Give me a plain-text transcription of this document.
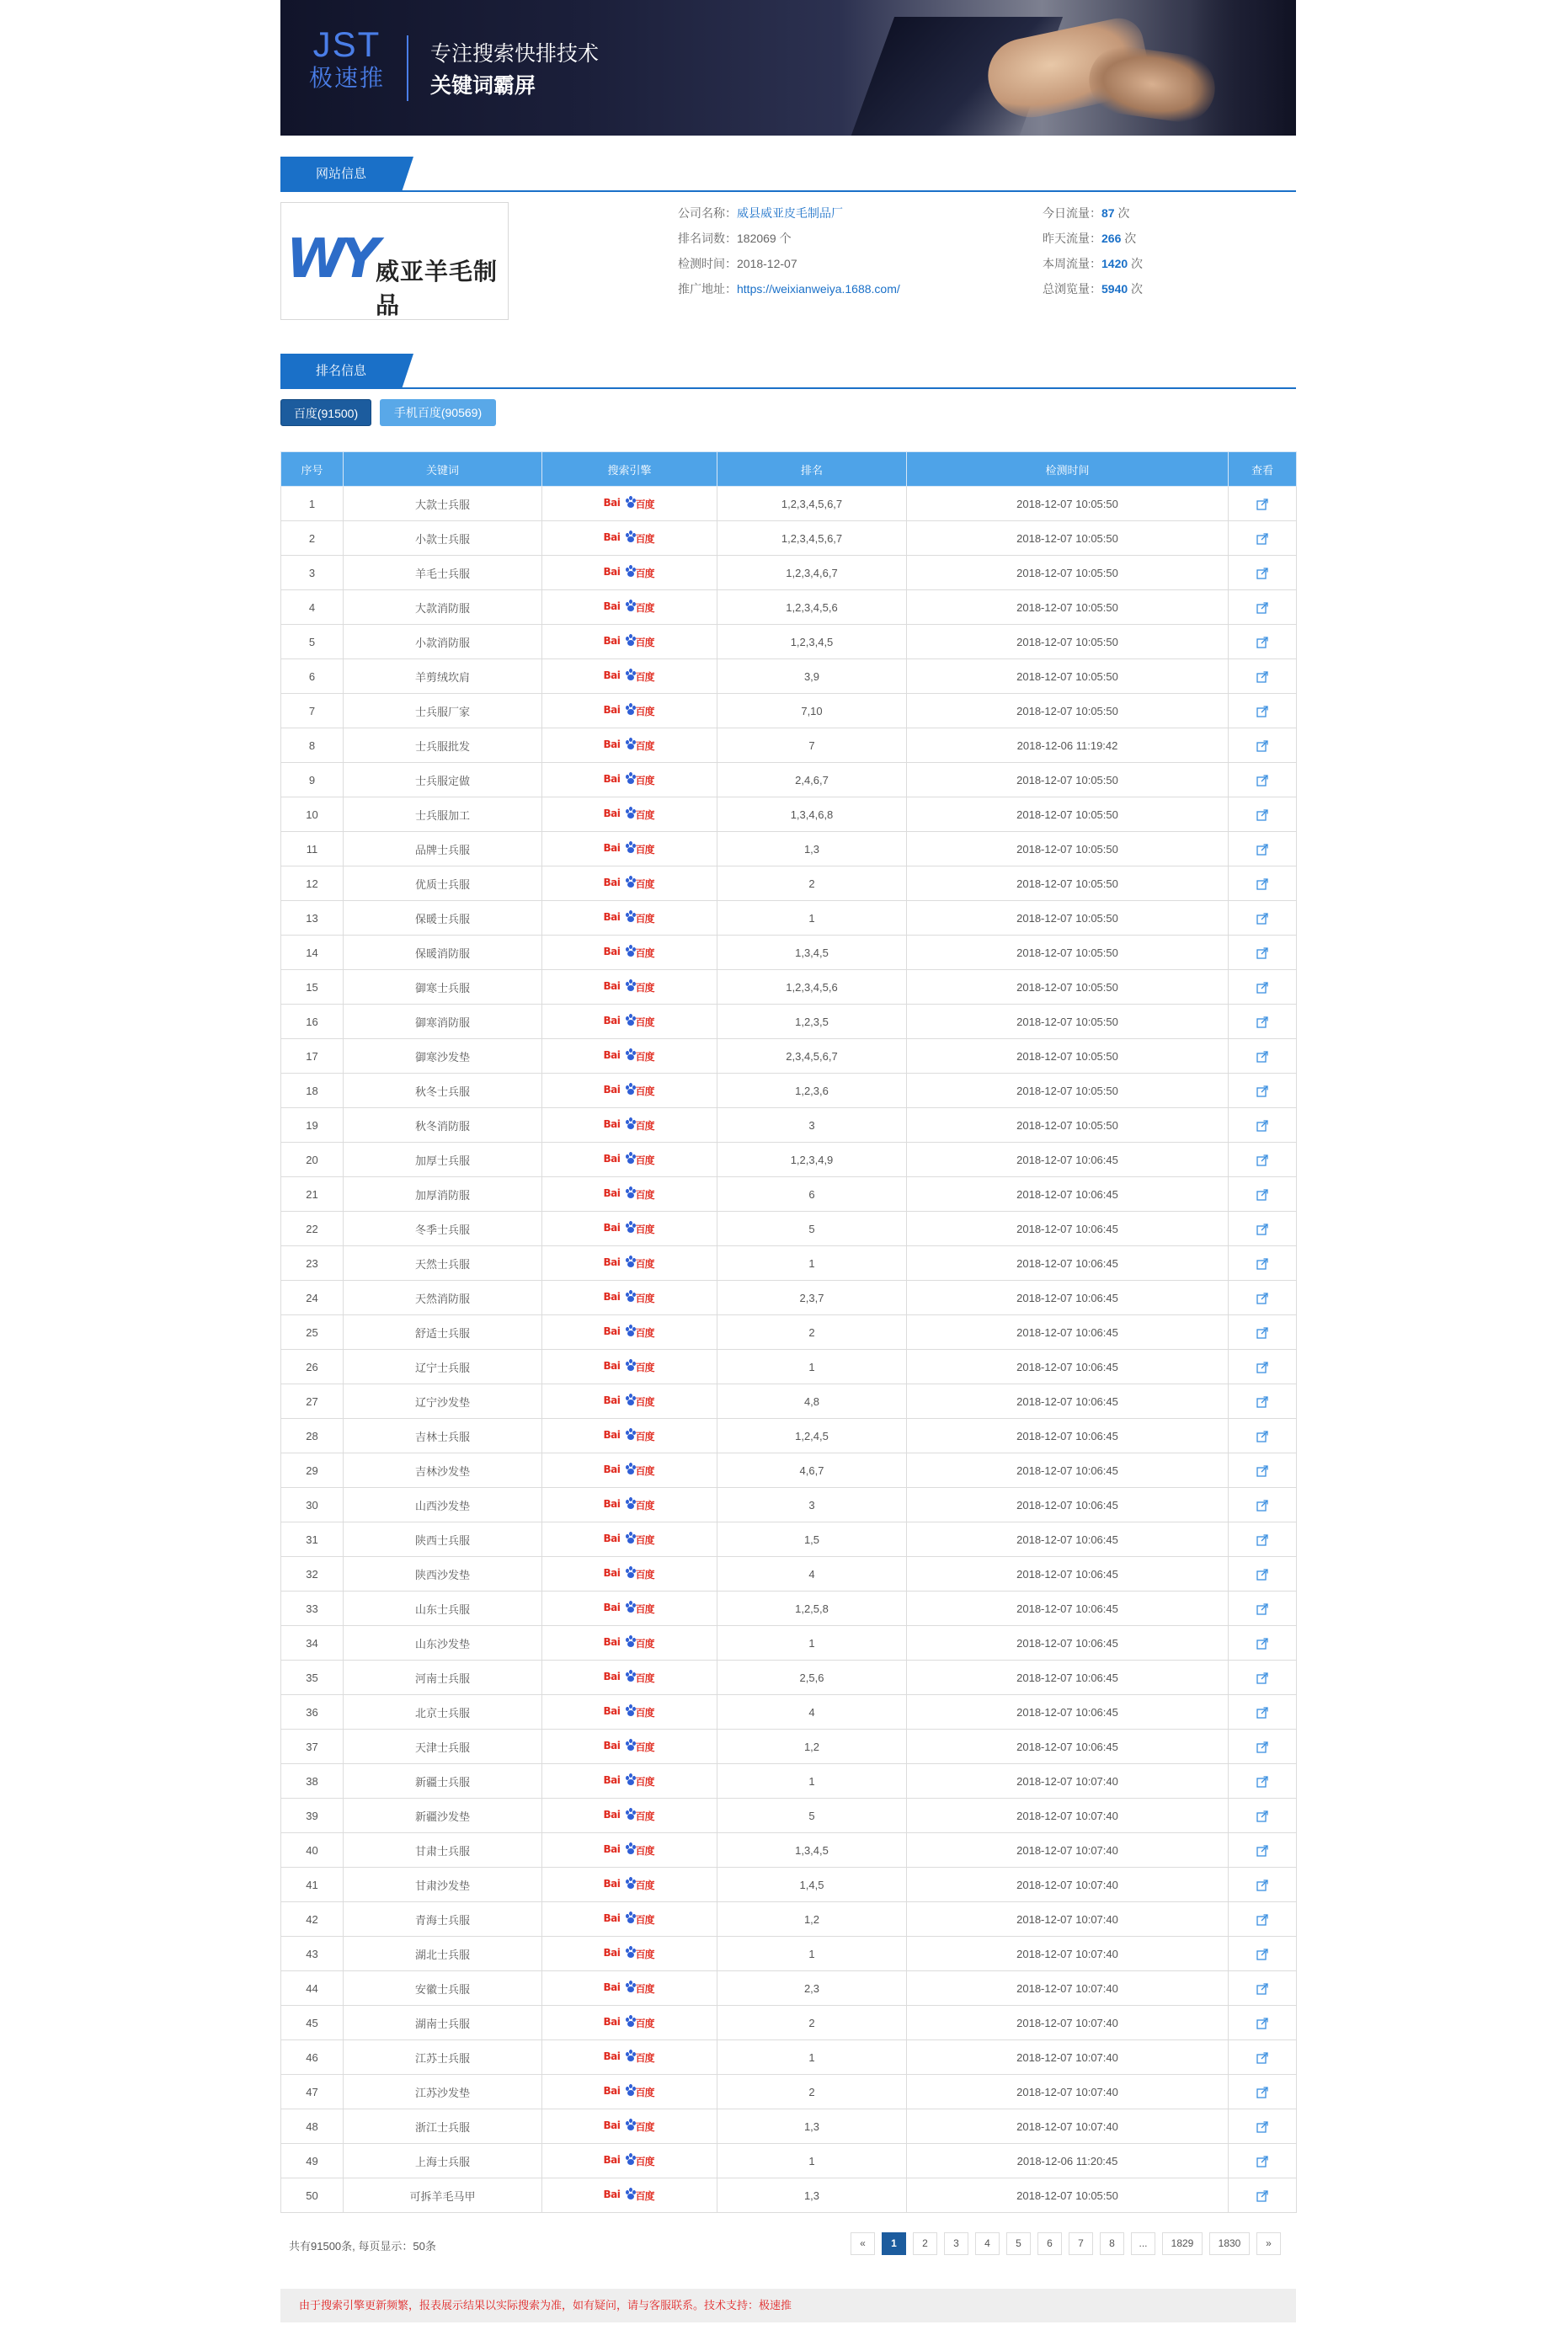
JST
极速推
专注搜索快排技术
关键词霸屏
网站信息
WY 威亚羊毛制品
公司名称：威县威亚皮毛制品厂
排名词数：182069 个
检测时间：2018-12-07
推广地址：https://weixianweiya.1688.com/
今日流量：87 次
昨天流量：266 次
本周流量：1420 次
总浏览量：5940 次
排名信息
百度(91500)	手机百度(90569)
序号	关键词	搜索引擎	排名	检测时间	查看
1	大款士兵服	Bai 百度	1,2,3,4,5,6,7	2018-12-07 10:05:50	
2	小款士兵服	Bai 百度	1,2,3,4,5,6,7	2018-12-07 10:05:50	
3	羊毛士兵服	Bai 百度	1,2,3,4,6,7	2018-12-07 10:05:50	
4	大款消防服	Bai 百度	1,2,3,4,5,6	2018-12-07 10:05:50	
5	小款消防服	Bai 百度	1,2,3,4,5	2018-12-07 10:05:50	
6	羊剪绒坎肩	Bai 百度	3,9	2018-12-07 10:05:50	
7	士兵服厂家	Bai 百度	7,10	2018-12-07 10:05:50	
8	士兵服批发	Bai 百度	7	2018-12-06 11:19:42	
9	士兵服定做	Bai 百度	2,4,6,7	2018-12-07 10:05:50	
10	士兵服加工	Bai 百度	1,3,4,6,8	2018-12-07 10:05:50	
11	品牌士兵服	Bai 百度	1,3	2018-12-07 10:05:50	
12	优质士兵服	Bai 百度	2	2018-12-07 10:05:50	
13	保暖士兵服	Bai 百度	1	2018-12-07 10:05:50	
14	保暖消防服	Bai 百度	1,3,4,5	2018-12-07 10:05:50	
15	御寒士兵服	Bai 百度	1,2,3,4,5,6	2018-12-07 10:05:50	
16	御寒消防服	Bai 百度	1,2,3,5	2018-12-07 10:05:50	
17	御寒沙发垫	Bai 百度	2,3,4,5,6,7	2018-12-07 10:05:50	
18	秋冬士兵服	Bai 百度	1,2,3,6	2018-12-07 10:05:50	
19	秋冬消防服	Bai 百度	3	2018-12-07 10:05:50	
20	加厚士兵服	Bai 百度	1,2,3,4,9	2018-12-07 10:06:45	
21	加厚消防服	Bai 百度	6	2018-12-07 10:06:45	
22	冬季士兵服	Bai 百度	5	2018-12-07 10:06:45	
23	天然士兵服	Bai 百度	1	2018-12-07 10:06:45	
24	天然消防服	Bai 百度	2,3,7	2018-12-07 10:06:45	
25	舒适士兵服	Bai 百度	2	2018-12-07 10:06:45	
26	辽宁士兵服	Bai 百度	1	2018-12-07 10:06:45	
27	辽宁沙发垫	Bai 百度	4,8	2018-12-07 10:06:45	
28	吉林士兵服	Bai 百度	1,2,4,5	2018-12-07 10:06:45	
29	吉林沙发垫	Bai 百度	4,6,7	2018-12-07 10:06:45	
30	山西沙发垫	Bai 百度	3	2018-12-07 10:06:45	
31	陕西士兵服	Bai 百度	1,5	2018-12-07 10:06:45	
32	陕西沙发垫	Bai 百度	4	2018-12-07 10:06:45	
33	山东士兵服	Bai 百度	1,2,5,8	2018-12-07 10:06:45	
34	山东沙发垫	Bai 百度	1	2018-12-07 10:06:45	
35	河南士兵服	Bai 百度	2,5,6	2018-12-07 10:06:45	
36	北京士兵服	Bai 百度	4	2018-12-07 10:06:45	
37	天津士兵服	Bai 百度	1,2	2018-12-07 10:06:45	
38	新疆士兵服	Bai 百度	1	2018-12-07 10:07:40	
39	新疆沙发垫	Bai 百度	5	2018-12-07 10:07:40	
40	甘肃士兵服	Bai 百度	1,3,4,5	2018-12-07 10:07:40	
41	甘肃沙发垫	Bai 百度	1,4,5	2018-12-07 10:07:40	
42	青海士兵服	Bai 百度	1,2	2018-12-07 10:07:40	
43	湖北士兵服	Bai 百度	1	2018-12-07 10:07:40	
44	安徽士兵服	Bai 百度	2,3	2018-12-07 10:07:40	
45	湖南士兵服	Bai 百度	2	2018-12-07 10:07:40	
46	江苏士兵服	Bai 百度	1	2018-12-07 10:07:40	
47	江苏沙发垫	Bai 百度	2	2018-12-07 10:07:40	
48	浙江士兵服	Bai 百度	1,3	2018-12-07 10:07:40	
49	上海士兵服	Bai 百度	1	2018-12-06 11:20:45	
50	可拆羊毛马甲	Bai 百度	1,3	2018-12-07 10:05:50	
共有91500条, 每页显示：50条	«	1	2	3	4	5	6	7	8	...	1829	1830	»
由于搜索引擎更新频繁，报表展示结果以实际搜索为准，如有疑问，请与客服联系。技术支持：极速推
